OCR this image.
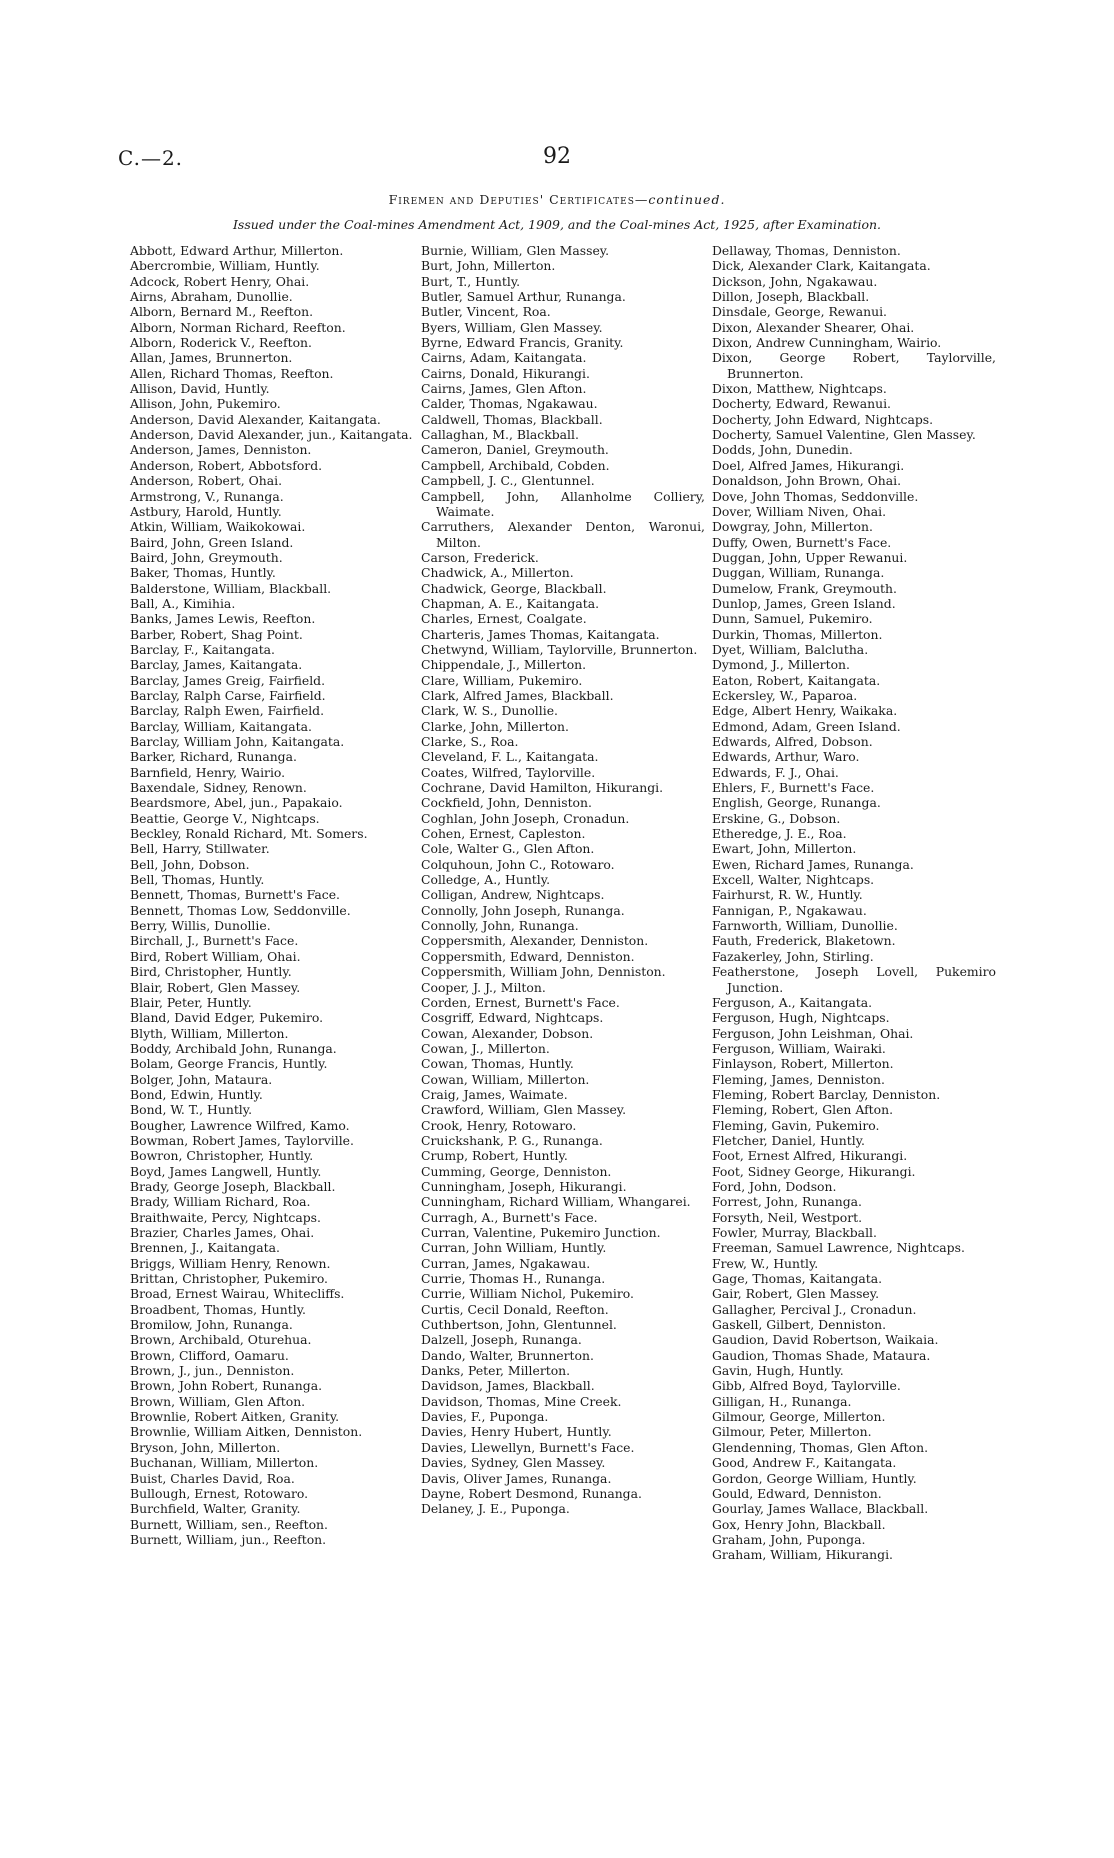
C.—2.	92
Firemen and Deputies' Certificates—continued.
Issued under the Coal-mines Amendment Act, 1909, and the Coal-mines Act, 1925, after Examination.
Abbott, Edward Arthur, Millerton.
Abercrombie, William, Huntly.
Adcock, Robert Henry, Ohai.
Airns, Abraham, Dunollie.
Alborn, Bernard M., Reefton.
Alborn, Norman Richard, Reefton.
Alborn, Roderick V., Reefton.
Allan, James, Brunnerton.
Allen, Richard Thomas, Reefton.
Allison, David, Huntly.
Allison, John, Pukemiro.
Anderson, David Alexander, Kaitangata.
Anderson, David Alexander, jun., Kaitangata.
Anderson, James, Denniston.
Anderson, Robert, Abbotsford.
Anderson, Robert, Ohai.
Armstrong, V., Runanga.
Astbury, Harold, Huntly.
Atkin, William, Waikokowai.
Baird, John, Green Island.
Baird, John, Greymouth.
Baker, Thomas, Huntly.
Balderstone, William, Blackball.
Ball, A., Kimihia.
Banks, James Lewis, Reefton.
Barber, Robert, Shag Point.
Barclay, F., Kaitangata.
Barclay, James, Kaitangata.
Barclay, James Greig, Fairfield.
Barclay, Ralph Carse, Fairfield.
Barclay, Ralph Ewen, Fairfield.
Barclay, William, Kaitangata.
Barclay, William John, Kaitangata.
Barker, Richard, Runanga.
Barnfield, Henry, Wairio.
Baxendale, Sidney, Renown.
Beardsmore, Abel, jun., Papakaio.
Beattie, George V., Nightcaps.
Beckley, Ronald Richard, Mt. Somers.
Bell, Harry, Stillwater.
Bell, John, Dobson.
Bell, Thomas, Huntly.
Bennett, Thomas, Burnett's Face.
Bennett, Thomas Low, Seddonville.
Berry, Willis, Dunollie.
Birchall, J., Burnett's Face.
Bird, Robert William, Ohai.
Bird, Christopher, Huntly.
Blair, Robert, Glen Massey.
Blair, Peter, Huntly.
Bland, David Edger, Pukemiro.
Blyth, William, Millerton.
Boddy, Archibald John, Runanga.
Bolam, George Francis, Huntly.
Bolger, John, Mataura.
Bond, Edwin, Huntly.
Bond, W. T., Huntly.
Bougher, Lawrence Wilfred, Kamo.
Bowman, Robert James, Taylorville.
Bowron, Christopher, Huntly.
Boyd, James Langwell, Huntly.
Brady, George Joseph, Blackball.
Brady, William Richard, Roa.
Braithwaite, Percy, Nightcaps.
Brazier, Charles James, Ohai.
Brennen, J., Kaitangata.
Briggs, William Henry, Renown.
Brittan, Christopher, Pukemiro.
Broad, Ernest Wairau, Whitecliffs.
Broadbent, Thomas, Huntly.
Bromilow, John, Runanga.
Brown, Archibald, Oturehua.
Brown, Clifford, Oamaru.
Brown, J., jun., Denniston.
Brown, John Robert, Runanga.
Brown, William, Glen Afton.
Brownlie, Robert Aitken, Granity.
Brownlie, William Aitken, Denniston.
Bryson, John, Millerton.
Buchanan, William, Millerton.
Buist, Charles David, Roa.
Bullough, Ernest, Rotowaro.
Burchfield, Walter, Granity.
Burnett, William, sen., Reefton.
Burnett, William, jun., Reefton.
Burnie, William, Glen Massey.
Burt, John, Millerton.
Burt, T., Huntly.
Butler, Samuel Arthur, Runanga.
Butler, Vincent, Roa.
Byers, William, Glen Massey.
Byrne, Edward Francis, Granity.
Cairns, Adam, Kaitangata.
Cairns, Donald, Hikurangi.
Cairns, James, Glen Afton.
Calder, Thomas, Ngakawau.
Caldwell, Thomas, Blackball.
Callaghan, M., Blackball.
Cameron, Daniel, Greymouth.
Campbell, Archibald, Cobden.
Campbell, J. C., Glentunnel.
Campbell, John, Allanholme Colliery, Waimate.
Carruthers, Alexander Denton, Waronui, Milton.
Carson, Frederick.
Chadwick, A., Millerton.
Chadwick, George, Blackball.
Chapman, A. E., Kaitangata.
Charles, Ernest, Coalgate.
Charteris, James Thomas, Kaitangata.
Chetwynd, William, Taylorville, Brunnerton.
Chippendale, J., Millerton.
Clare, William, Pukemiro.
Clark, Alfred James, Blackball.
Clark, W. S., Dunollie.
Clarke, John, Millerton.
Clarke, S., Roa.
Cleveland, F. L., Kaitangata.
Coates, Wilfred, Taylorville.
Cochrane, David Hamilton, Hikurangi.
Cockfield, John, Denniston.
Coghlan, John Joseph, Cronadun.
Cohen, Ernest, Capleston.
Cole, Walter G., Glen Afton.
Colquhoun, John C., Rotowaro.
Colledge, A., Huntly.
Colligan, Andrew, Nightcaps.
Connolly, John Joseph, Runanga.
Connolly, John, Runanga.
Coppersmith, Alexander, Denniston.
Coppersmith, Edward, Denniston.
Coppersmith, William John, Denniston.
Cooper, J. J., Milton.
Corden, Ernest, Burnett's Face.
Cosgriff, Edward, Nightcaps.
Cowan, Alexander, Dobson.
Cowan, J., Millerton.
Cowan, Thomas, Huntly.
Cowan, William, Millerton.
Craig, James, Waimate.
Crawford, William, Glen Massey.
Crook, Henry, Rotowaro.
Cruickshank, P. G., Runanga.
Crump, Robert, Huntly.
Cumming, George, Denniston.
Cunningham, Joseph, Hikurangi.
Cunningham, Richard William, Whangarei.
Curragh, A., Burnett's Face.
Curran, Valentine, Pukemiro Junction.
Curran, John William, Huntly.
Curran, James, Ngakawau.
Currie, Thomas H., Runanga.
Currie, William Nichol, Pukemiro.
Curtis, Cecil Donald, Reefton.
Cuthbertson, John, Glentunnel.
Dalzell, Joseph, Runanga.
Dando, Walter, Brunnerton.
Danks, Peter, Millerton.
Davidson, James, Blackball.
Davidson, Thomas, Mine Creek.
Davies, F., Puponga.
Davies, Henry Hubert, Huntly.
Davies, Llewellyn, Burnett's Face.
Davies, Sydney, Glen Massey.
Davis, Oliver James, Runanga.
Dayne, Robert Desmond, Runanga.
Delaney, J. E., Puponga.
Dellaway, Thomas, Denniston.
Dick, Alexander Clark, Kaitangata.
Dickson, John, Ngakawau.
Dillon, Joseph, Blackball.
Dinsdale, George, Rewanui.
Dixon, Alexander Shearer, Ohai.
Dixon, Andrew Cunningham, Wairio.
Dixon, George Robert, Taylorville, Brunnerton.
Dixon, Matthew, Nightcaps.
Docherty, Edward, Rewanui.
Docherty, John Edward, Nightcaps.
Docherty, Samuel Valentine, Glen Massey.
Dodds, John, Dunedin.
Doel, Alfred James, Hikurangi.
Donaldson, John Brown, Ohai.
Dove, John Thomas, Seddonville.
Dover, William Niven, Ohai.
Dowgray, John, Millerton.
Duffy, Owen, Burnett's Face.
Duggan, John, Upper Rewanui.
Duggan, William, Runanga.
Dumelow, Frank, Greymouth.
Dunlop, James, Green Island.
Dunn, Samuel, Pukemiro.
Durkin, Thomas, Millerton.
Dyet, William, Balclutha.
Dymond, J., Millerton.
Eaton, Robert, Kaitangata.
Eckersley, W., Paparoa.
Edge, Albert Henry, Waikaka.
Edmond, Adam, Green Island.
Edwards, Alfred, Dobson.
Edwards, Arthur, Waro.
Edwards, F. J., Ohai.
Ehlers, F., Burnett's Face.
English, George, Runanga.
Erskine, G., Dobson.
Etheredge, J. E., Roa.
Ewart, John, Millerton.
Ewen, Richard James, Runanga.
Excell, Walter, Nightcaps.
Fairhurst, R. W., Huntly.
Fannigan, P., Ngakawau.
Farnworth, William, Dunollie.
Fauth, Frederick, Blaketown.
Fazakerley, John, Stirling.
Featherstone, Joseph Lovell, Pukemiro Junction.
Ferguson, A., Kaitangata.
Ferguson, Hugh, Nightcaps.
Ferguson, John Leishman, Ohai.
Ferguson, William, Wairaki.
Finlayson, Robert, Millerton.
Fleming, James, Denniston.
Fleming, Robert Barclay, Denniston.
Fleming, Robert, Glen Afton.
Fleming, Gavin, Pukemiro.
Fletcher, Daniel, Huntly.
Foot, Ernest Alfred, Hikurangi.
Foot, Sidney George, Hikurangi.
Ford, John, Dodson.
Forrest, John, Runanga.
Forsyth, Neil, Westport.
Fowler, Murray, Blackball.
Freeman, Samuel Lawrence, Nightcaps.
Frew, W., Huntly.
Gage, Thomas, Kaitangata.
Gair, Robert, Glen Massey.
Gallagher, Percival J., Cronadun.
Gaskell, Gilbert, Denniston.
Gaudion, David Robertson, Waikaia.
Gaudion, Thomas Shade, Mataura.
Gavin, Hugh, Huntly.
Gibb, Alfred Boyd, Taylorville.
Gilligan, H., Runanga.
Gilmour, George, Millerton.
Gilmour, Peter, Millerton.
Glendenning, Thomas, Glen Afton.
Good, Andrew F., Kaitangata.
Gordon, George William, Huntly.
Gould, Edward, Denniston.
Gourlay, James Wallace, Blackball.
Gox, Henry John, Blackball.
Graham, John, Puponga.
Graham, William, Hikurangi.
